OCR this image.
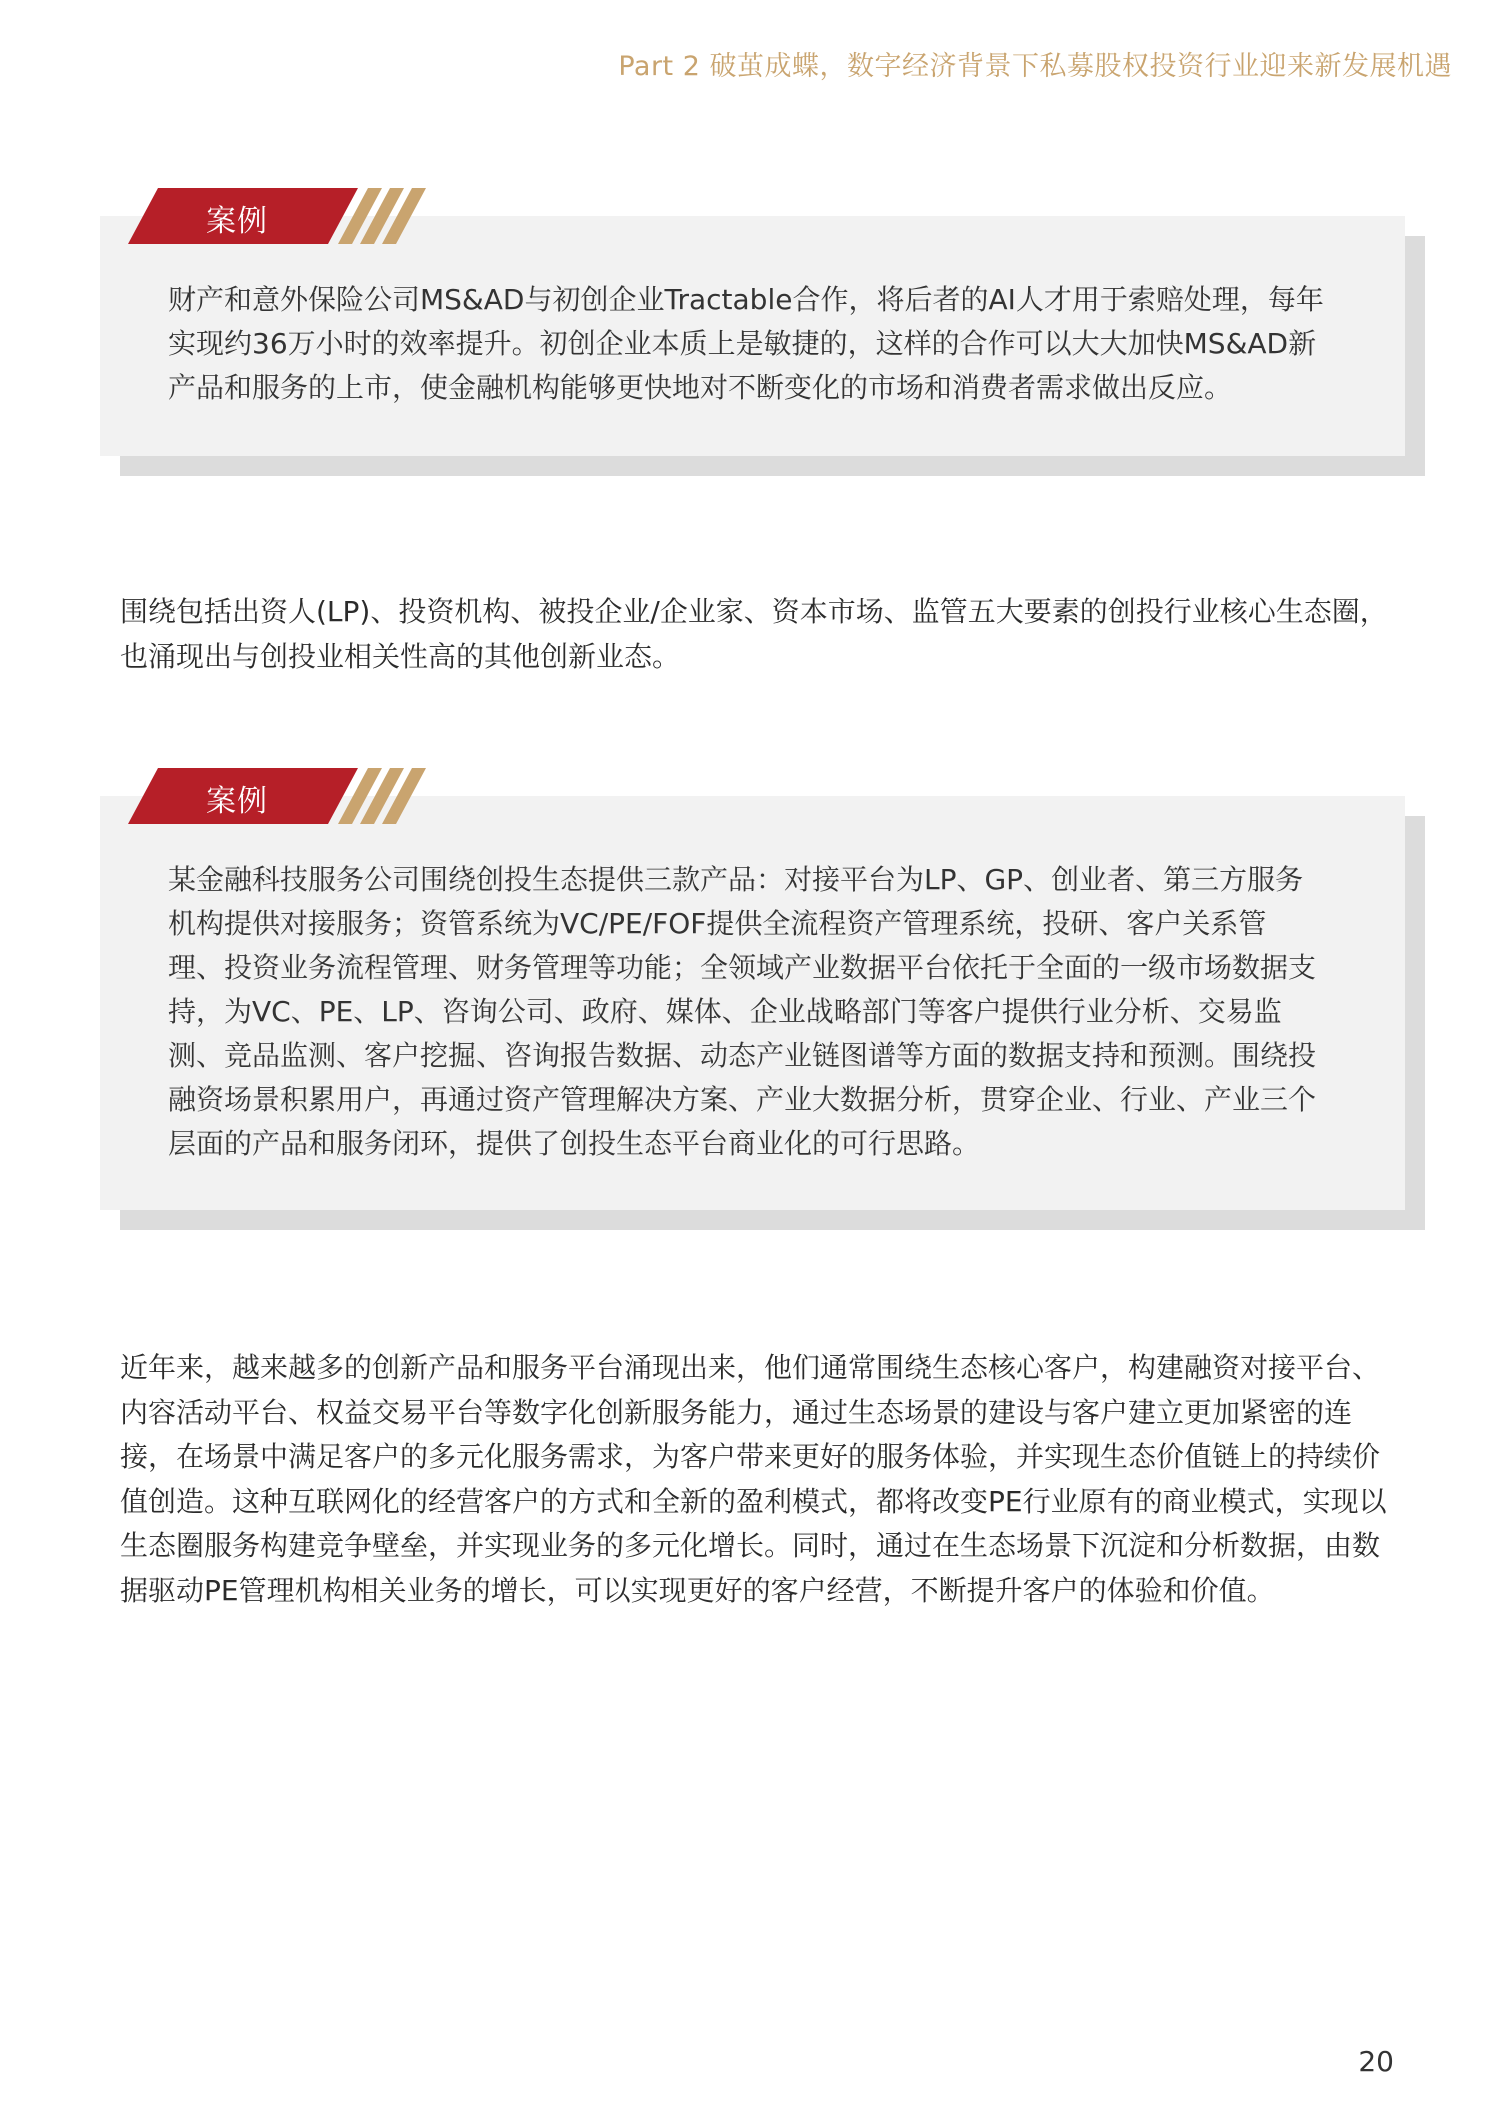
Part 2 破茧成蝶，数字经济背景下私募股权投资行业迎来新发展机遇
案例
财产和意外保险公司MS&AD与初创企业Tractable合作，将后者的AI人才用于索赔处理，每年
实现约36万小时的效率提升。初创企业本质上是敏捷的，这样的合作可以大大加快MS&AD新
产品和服务的上市，使金融机构能够更快地对不断变化的市场和消费者需求做出反应。
围绕包括出资人(LP)、投资机构、被投企业/企业家、资本市场、监管五大要素的创投行业核心生态圈，
也涌现出与创投业相关性高的其他创新业态。
案例
某金融科技服务公司围绕创投生态提供三款产品：对接平台为LP、GP、创业者、第三方服务
机构提供对接服务；资管系统为VC/PE/FOF提供全流程资产管理系统，投研、客户关系管
理、投资业务流程管理、财务管理等功能；全领域产业数据平台依托于全面的一级市场数据支
持，为VC、PE、LP、咨询公司、政府、媒体、企业战略部门等客户提供行业分析、交易监
测、竞品监测、客户挖掘、咨询报告数据、动态产业链图谱等方面的数据支持和预测。围绕投
融资场景积累用户，再通过资产管理解决方案、产业大数据分析，贯穿企业、行业、产业三个
层面的产品和服务闭环，提供了创投生态平台商业化的可行思路。
近年来，越来越多的创新产品和服务平台涌现出来，他们通常围绕生态核心客户，构建融资对接平台、
内容活动平台、权益交易平台等数字化创新服务能力，通过生态场景的建设与客户建立更加紧密的连
接，在场景中满足客户的多元化服务需求，为客户带来更好的服务体验，并实现生态价值链上的持续价
值创造。这种互联网化的经营客户的方式和全新的盈利模式，都将改变PE行业原有的商业模式，实现以
生态圈服务构建竞争壁垒，并实现业务的多元化增长。同时，通过在生态场景下沉淀和分析数据，由数
据驱动PE管理机构相关业务的增长，可以实现更好的客户经营，不断提升客户的体验和价值。
20
